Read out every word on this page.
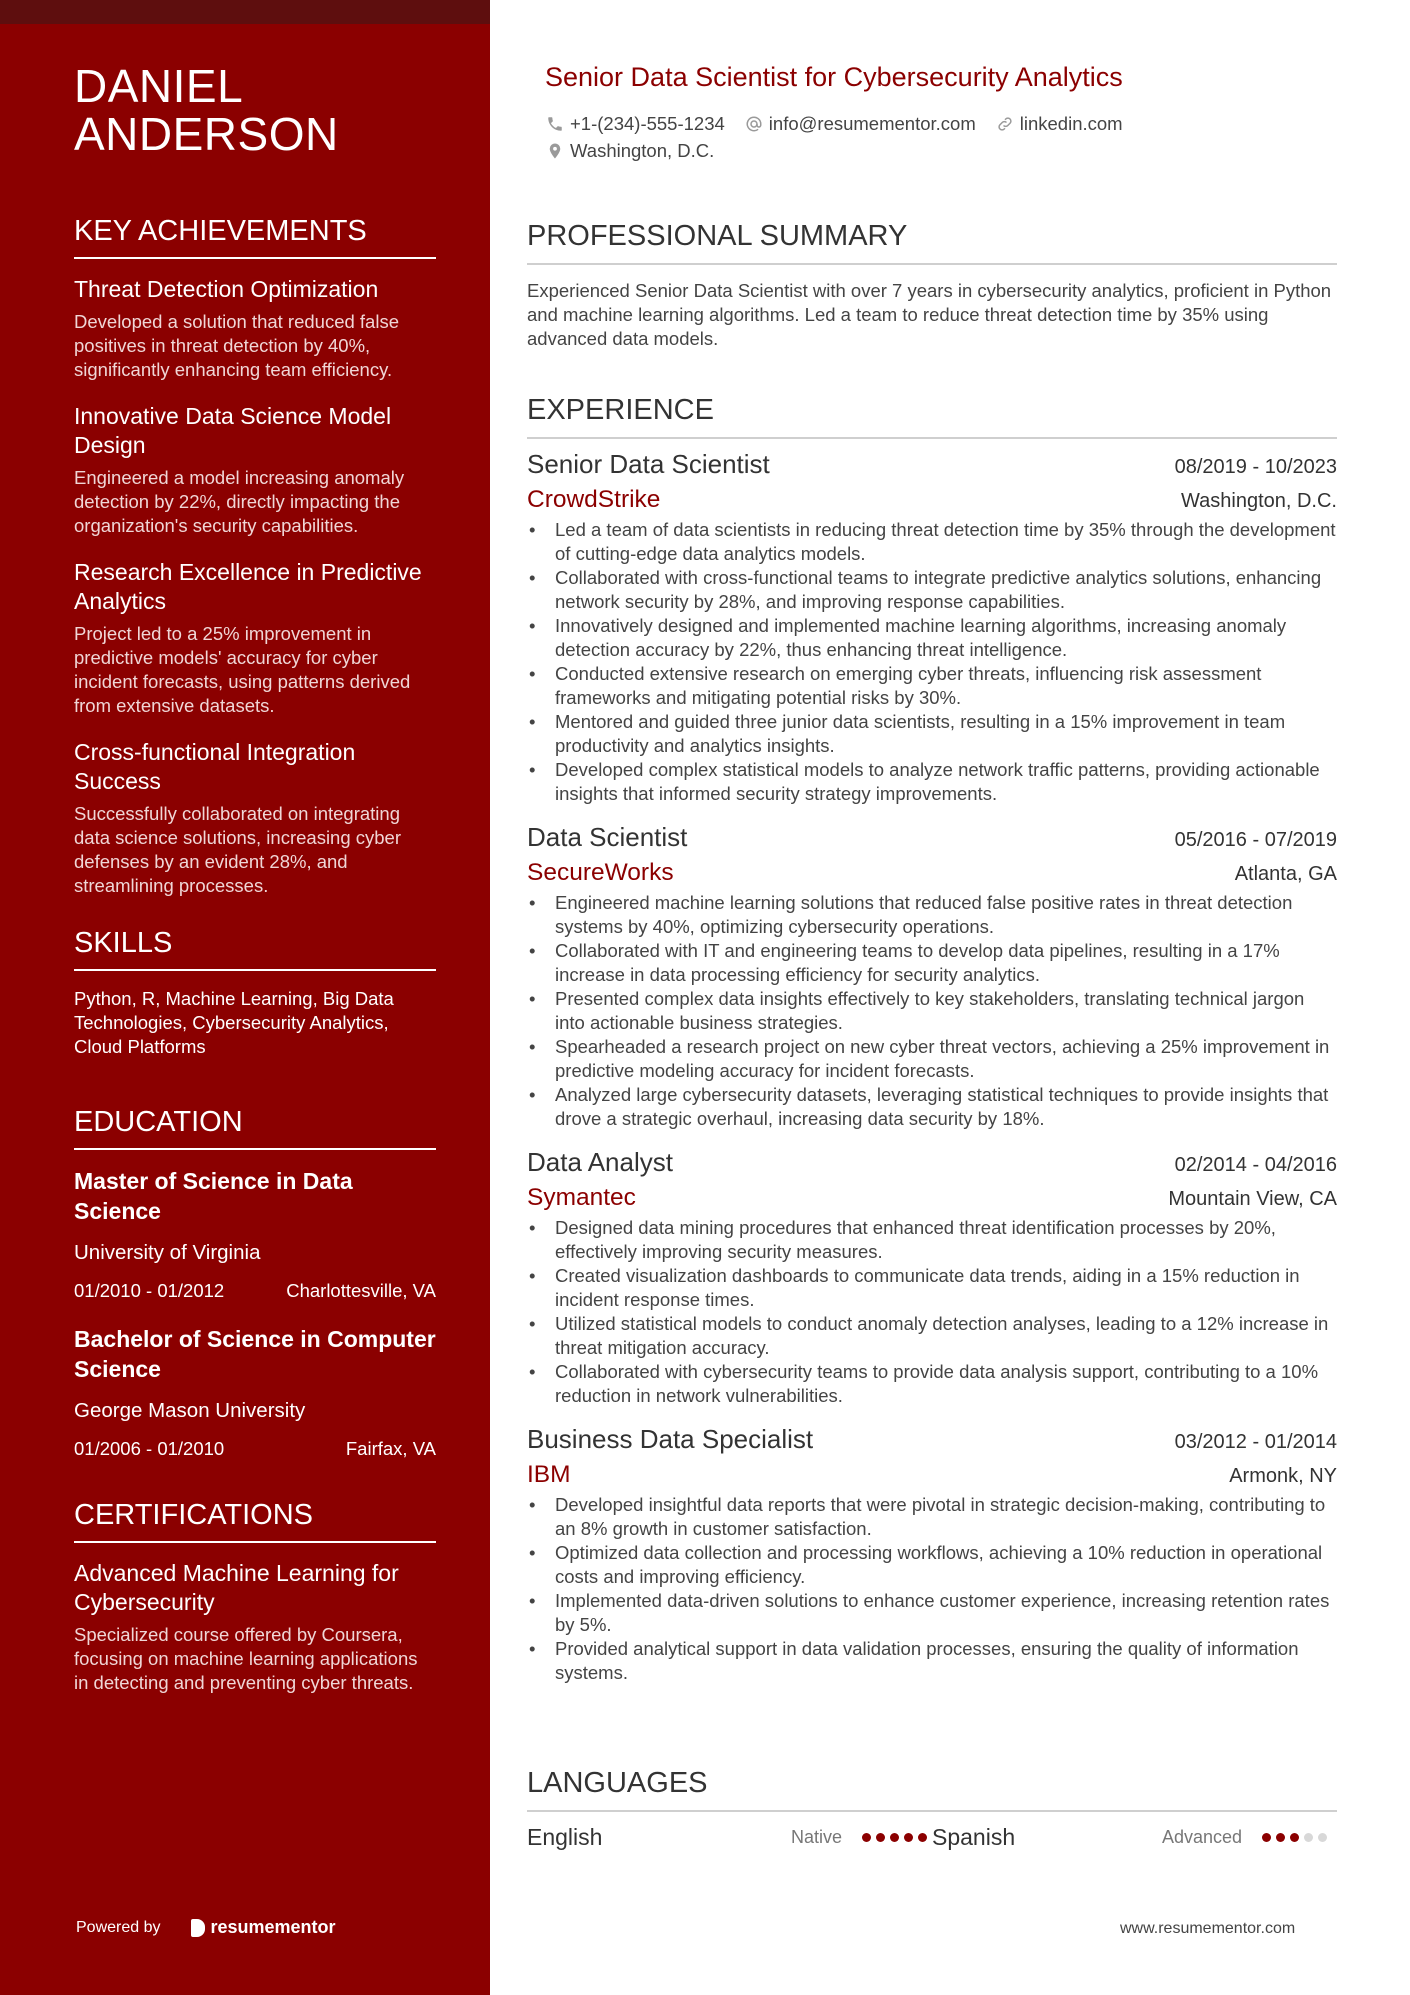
DANIEL
ANDERSON
KEY ACHIEVEMENTS
Threat Detection Optimization
Developed a solution that reduced false positives in threat detection by 40%, significantly enhancing team efficiency.
Innovative Data Science Model Design
Engineered a model increasing anomaly detection by 22%, directly impacting the organization's security capabilities.
Research Excellence in Predictive Analytics
Project led to a 25% improvement in predictive models' accuracy for cyber incident forecasts, using patterns derived from extensive datasets.
Cross-functional Integration Success
Successfully collaborated on integrating data science solutions, increasing cyber defenses by an evident 28%, and streamlining processes.
SKILLS
Python, R, Machine Learning, Big Data Technologies, Cybersecurity Analytics, Cloud Platforms
EDUCATION
Master of Science in Data Science
University of Virginia
01/2010 - 01/2012	Charlottesville, VA
Bachelor of Science in Computer Science
George Mason University
01/2006 - 01/2010	Fairfax, VA
CERTIFICATIONS
Advanced Machine Learning for Cybersecurity
Specialized course offered by Coursera, focusing on machine learning applications in detecting and preventing cyber threats.
Powered by	resumementor
Senior Data Scientist for Cybersecurity Analytics
+1-(234)-555-1234 info@resumementor.com linkedin.com
Washington, D.C.
PROFESSIONAL SUMMARY
Experienced Senior Data Scientist with over 7 years in cybersecurity analytics, proficient in Python and machine learning algorithms. Led a team to reduce threat detection time by 35% using advanced data models.
EXPERIENCE
Senior Data Scientist	08/2019 - 10/2023
CrowdStrike	Washington, D.C.
• Led a team of data scientists in reducing threat detection time by 35% through the development of cutting-edge data analytics models.
• Collaborated with cross-functional teams to integrate predictive analytics solutions, enhancing network security by 28%, and improving response capabilities.
• Innovatively designed and implemented machine learning algorithms, increasing anomaly detection accuracy by 22%, thus enhancing threat intelligence.
• Conducted extensive research on emerging cyber threats, influencing risk assessment frameworks and mitigating potential risks by 30%.
• Mentored and guided three junior data scientists, resulting in a 15% improvement in team productivity and analytics insights.
• Developed complex statistical models to analyze network traffic patterns, providing actionable insights that informed security strategy improvements.
Data Scientist	05/2016 - 07/2019
SecureWorks	Atlanta, GA
• Engineered machine learning solutions that reduced false positive rates in threat detection systems by 40%, optimizing cybersecurity operations.
• Collaborated with IT and engineering teams to develop data pipelines, resulting in a 17% increase in data processing efficiency for security analytics.
• Presented complex data insights effectively to key stakeholders, translating technical jargon into actionable business strategies.
• Spearheaded a research project on new cyber threat vectors, achieving a 25% improvement in predictive modeling accuracy for incident forecasts.
• Analyzed large cybersecurity datasets, leveraging statistical techniques to provide insights that drove a strategic overhaul, increasing data security by 18%.
Data Analyst	02/2014 - 04/2016
Symantec	Mountain View, CA
• Designed data mining procedures that enhanced threat identification processes by 20%, effectively improving security measures.
• Created visualization dashboards to communicate data trends, aiding in a 15% reduction in incident response times.
• Utilized statistical models to conduct anomaly detection analyses, leading to a 12% increase in threat mitigation accuracy.
• Collaborated with cybersecurity teams to provide data analysis support, contributing to a 10% reduction in network vulnerabilities.
Business Data Specialist	03/2012 - 01/2014
IBM	Armonk, NY
• Developed insightful data reports that were pivotal in strategic decision-making, contributing to an 8% growth in customer satisfaction.
• Optimized data collection and processing workflows, achieving a 10% reduction in operational costs and improving efficiency.
• Implemented data-driven solutions to enhance customer experience, increasing retention rates by 5%.
• Provided analytical support in data validation processes, ensuring the quality of information systems.
LANGUAGES
English	Native	Spanish	Advanced
www.resumementor.com
